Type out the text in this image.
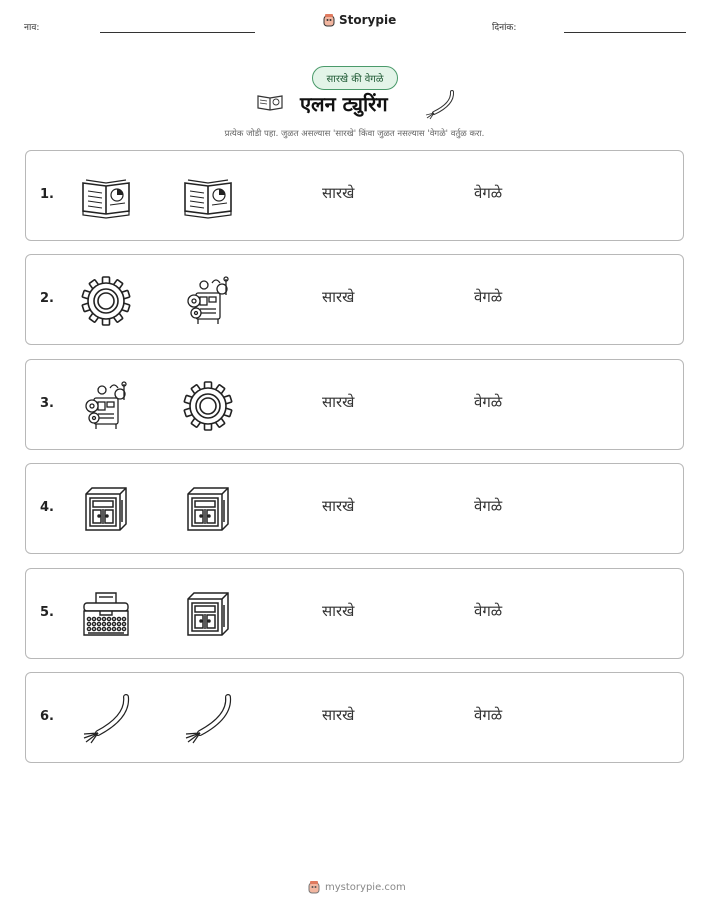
नाव:
Storypie
दिनांक:
सारखे की वेगळे
एलन ट्युरिंग
प्रत्येक जोडी पहा. जुळत असल्यास 'सारखे' किंवा जुळत नसल्यास 'वेगळे' वर्तुळ करा.
1.	सारखे	वेगळे
2.	सारखे	वेगळे
3.	सारखे	वेगळे
4.	सारखे	वेगळे
5.	सारखे	वेगळे
6.	सारखे	वेगळे
mystorypie.com
